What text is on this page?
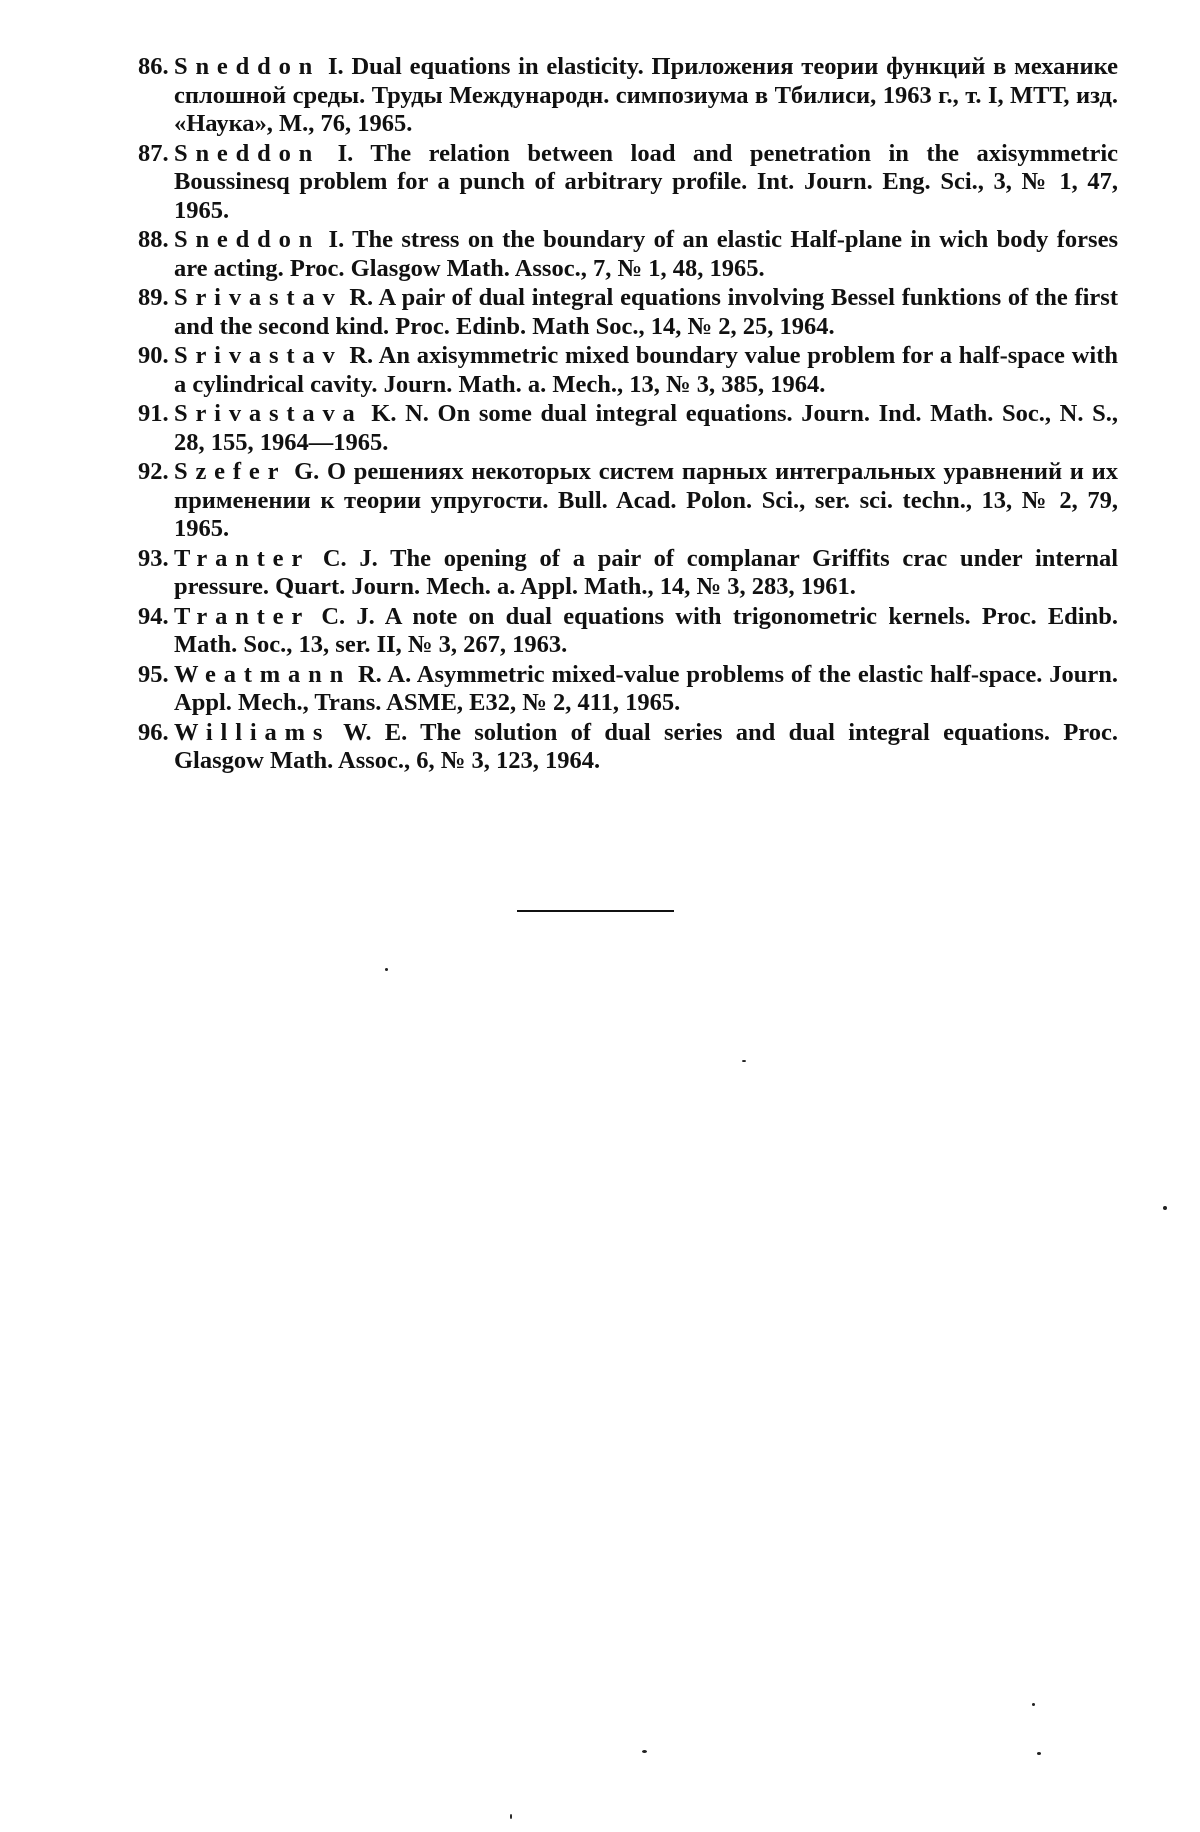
86. Sneddon I. Dual equations in elasticity. Приложения теории функций в механике сплошной среды. Труды Междунаpодн. симпозиума в Тбилиси, 1963 г., т. I, МТТ, изд. «Наука», М., 76, 1965.
87. Sneddon I. The relation between load and penetration in the axisymmetric Boussinesq problem for a punch of arbitrary profile. Int. Journ. Eng. Sci., 3, № 1, 47, 1965.
88. Sneddon I. The stress on the boundary of an elastic Half-plane in wich body forses are acting. Proc. Glasgow Math. Assoc., 7, № 1, 48, 1965.
89. Srivastav R. A pair of dual integral equations involving Bessel funktions of the first and the second kind. Proc. Edinb. Math Soc., 14, № 2, 25, 1964.
90. Srivastav R. An axisymmetric mixed boundary value problem for a half-space with a cylindrical cavity. Journ. Math. a. Mech., 13, № 3, 385, 1964.
91. Srivastava K. N. On some dual integral equations. Journ. Ind. Math. Soc., N. S., 28, 155, 1964—1965.
92. Szefer G. О решениях некоторых систем парных интегральных уравнений и их применении к теории упругости. Bull. Acad. Polon. Sci., ser. sci. techn., 13, № 2, 79, 1965.
93. Tranter C. J. The opening of a pair of complanar Griffits crac under internal pressure. Quart. Journ. Mech. a. Appl. Math., 14, № 3, 283, 1961.
94. Tranter C. J. A note on dual equations with trigonometric kernels. Proc. Edinb. Math. Soc., 13, ser. II, № 3, 267, 1963.
95. Weatmann R. A. Asymmetric mixed-value problems of the elastic half-space. Journ. Appl. Mech., Trans. ASME, E32, № 2, 411, 1965.
96. Williams W. E. The solution of dual series and dual integral equations. Proc. Glasgow Math. Assoc., 6, № 3, 123, 1964.
